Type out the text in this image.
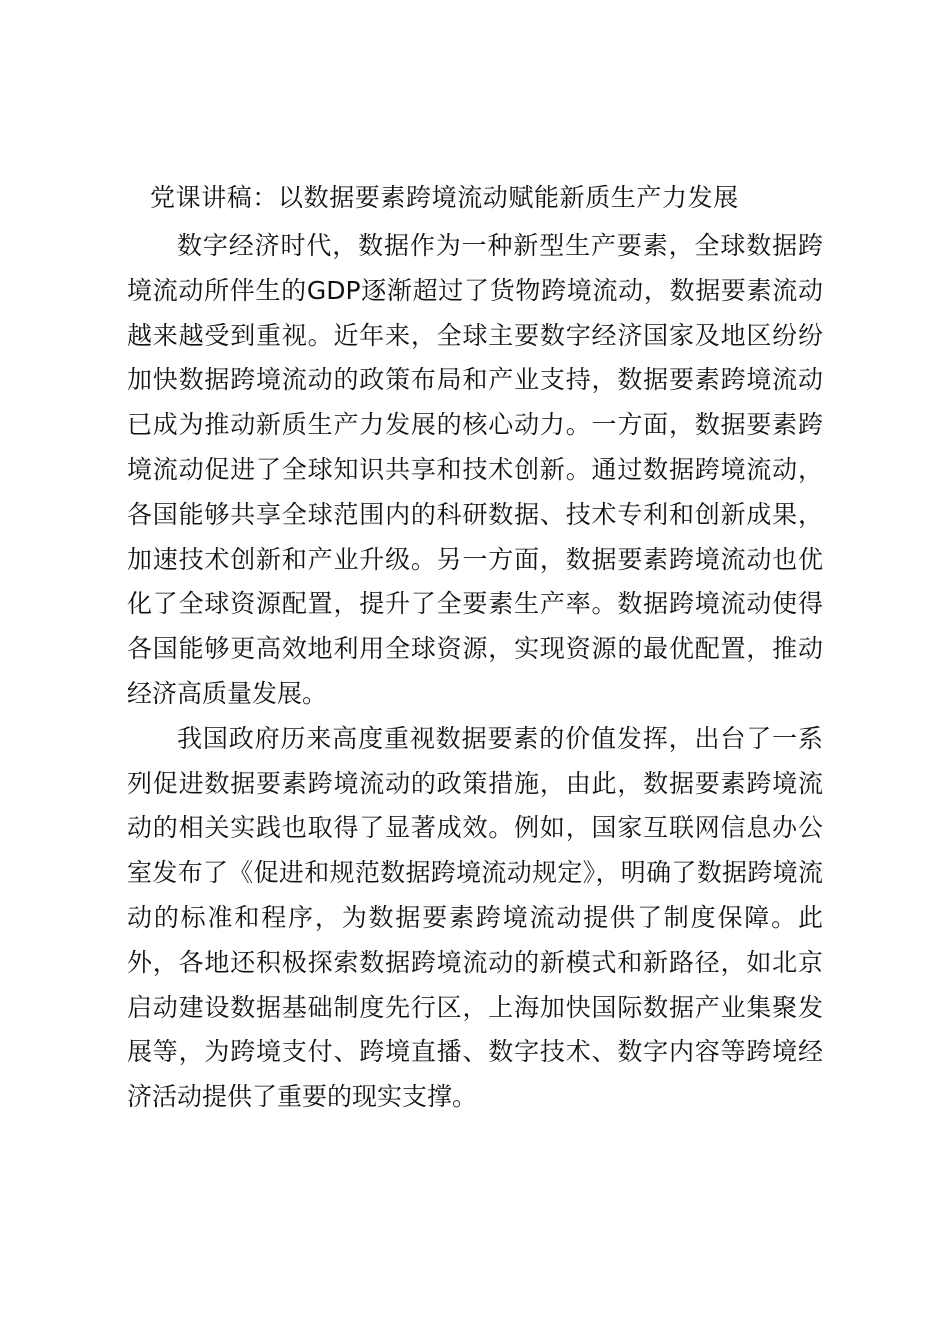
党课讲稿：以数据要素跨境流动赋能新质生产力发展

数字经济时代，数据作为一种新型生产要素，全球数据跨境流动所伴生的GDP逐渐超过了货物跨境流动，数据要素流动越来越受到重视。近年来，全球主要数字经济国家及地区纷纷加快数据跨境流动的政策布局和产业支持，数据要素跨境流动已成为推动新质生产力发展的核心动力。一方面，数据要素跨境流动促进了全球知识共享和技术创新。通过数据跨境流动，各国能够共享全球范围内的科研数据、技术专利和创新成果，加速技术创新和产业升级。另一方面，数据要素跨境流动也优化了全球资源配置，提升了全要素生产率。数据跨境流动使得各国能够更高效地利用全球资源，实现资源的最优配置，推动经济高质量发展。

我国政府历来高度重视数据要素的价值发挥，出台了一系列促进数据要素跨境流动的政策措施，由此，数据要素跨境流动的相关实践也取得了显著成效。例如，国家互联网信息办公室发布了《促进和规范数据跨境流动规定》，明确了数据跨境流动的标准和程序，为数据要素跨境流动提供了制度保障。此外，各地还积极探索数据跨境流动的新模式和新路径，如北京启动建设数据基础制度先行区，上海加快国际数据产业集聚发展等，为跨境支付、跨境直播、数字技术、数字内容等跨境经济活动提供了重要的现实支撑。
